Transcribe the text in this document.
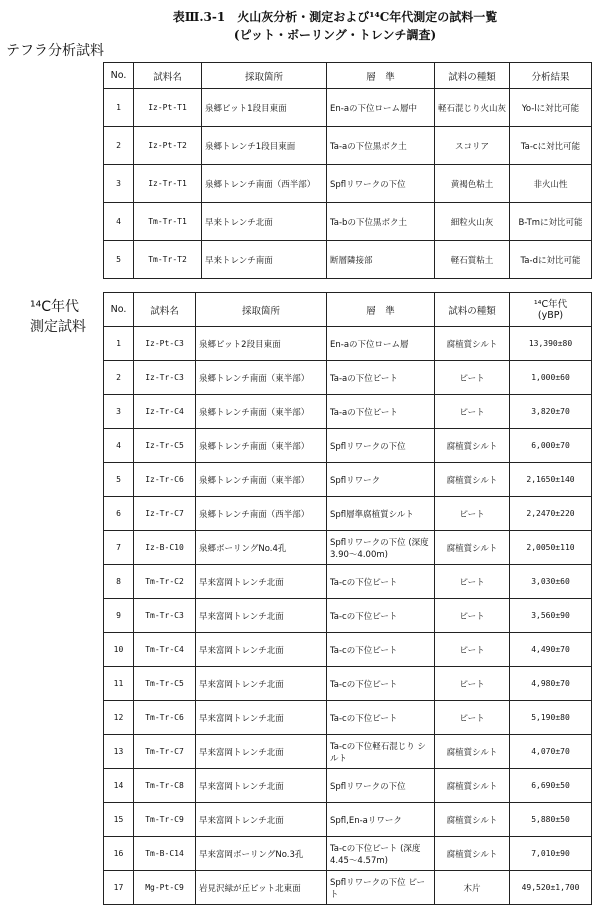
表Ⅲ.3-1　火山灰分析・測定および¹⁴C年代測定の試料一覧
(ピット・ボーリング・トレンチ調査)
テフラ分析試料
¹⁴C年代
測定試料
No.	試料名	採取箇所	層　準	試料の種類	分析結果
1	Iz-Pt-T1	泉郷ピット1段目東面	En-aの下位ローム層中	軽石混じり火山灰	Yo-lに対比可能
2	Iz-Pt-T2	泉郷トレンチ1段目東面	Ta-aの下位黒ボク土	スコリア	Ta-cに対比可能
3	Iz-Tr-T1	泉郷トレンチ南面（西半部）	Spflリワークの下位	黄褐色粘土	非火山性
4	Tm-Tr-T1	早来トレンチ北面	Ta-bの下位黒ボク土	細粒火山灰	B-Tmに対比可能
5	Tm-Tr-T2	早来トレンチ南面	断層隣接部	軽石質粘土	Ta-dに対比可能
No.	試料名	採取箇所	層　準	試料の種類	¹⁴C年代
(yBP)

1	Iz-Pt-C3	泉郷ピット2段目東面	En-aの下位ローム層	腐植質シルト	13,390±80
2	Iz-Tr-C3	泉郷トレンチ南面（東半部）	Ta-aの下位ピート	ピート	1,000±60
3	Iz-Tr-C4	泉郷トレンチ南面（東半部）	Ta-aの下位ピート	ピート	3,820±70
4	Iz-Tr-C5	泉郷トレンチ南面（東半部）	Spflリワークの下位	腐植質シルト	6,000±70
5	Iz-Tr-C6	泉郷トレンチ南面（東半部）	Spflリワーク	腐植質シルト	2,1650±140
6	Iz-Tr-C7	泉郷トレンチ南面（西半部）	Spfl層準腐植質シルト	ピート	2,2470±220
7	Iz-B-C10	泉郷ボーリングNo.4孔	Spflリワークの下位 (深度3.90～4.00m)	腐植質シルト	2,0050±110
8	Tm-Tr-C2	早来富岡トレンチ北面	Ta-cの下位ピート	ピート	3,030±60
9	Tm-Tr-C3	早来富岡トレンチ北面	Ta-cの下位ピート	ピート	3,560±90
10	Tm-Tr-C4	早来富岡トレンチ北面	Ta-cの下位ピート	ピート	4,490±70
11	Tm-Tr-C5	早来富岡トレンチ北面	Ta-cの下位ピート	ピート	4,980±70
12	Tm-Tr-C6	早来富岡トレンチ北面	Ta-cの下位ピート	ピート	5,190±80
13	Tm-Tr-C7	早来富岡トレンチ北面	Ta-cの下位軽石混じり シルト	腐植質シルト	4,070±70
14	Tm-Tr-C8	早来富岡トレンチ北面	Spflリワークの下位	腐植質シルト	6,690±50
15	Tm-Tr-C9	早来富岡トレンチ北面	Spfl,En-aリワーク	腐植質シルト	5,880±50
16	Tm-B-C14	早来富岡ボーリングNo.3孔	Ta-cの下位ピート (深度4.45～4.57m)	腐植質シルト	7,010±90
17	Mg-Pt-C9	岩見沢緑が丘ピット北東面	Spflリワークの下位 ピート	木片	49,520±1,700
